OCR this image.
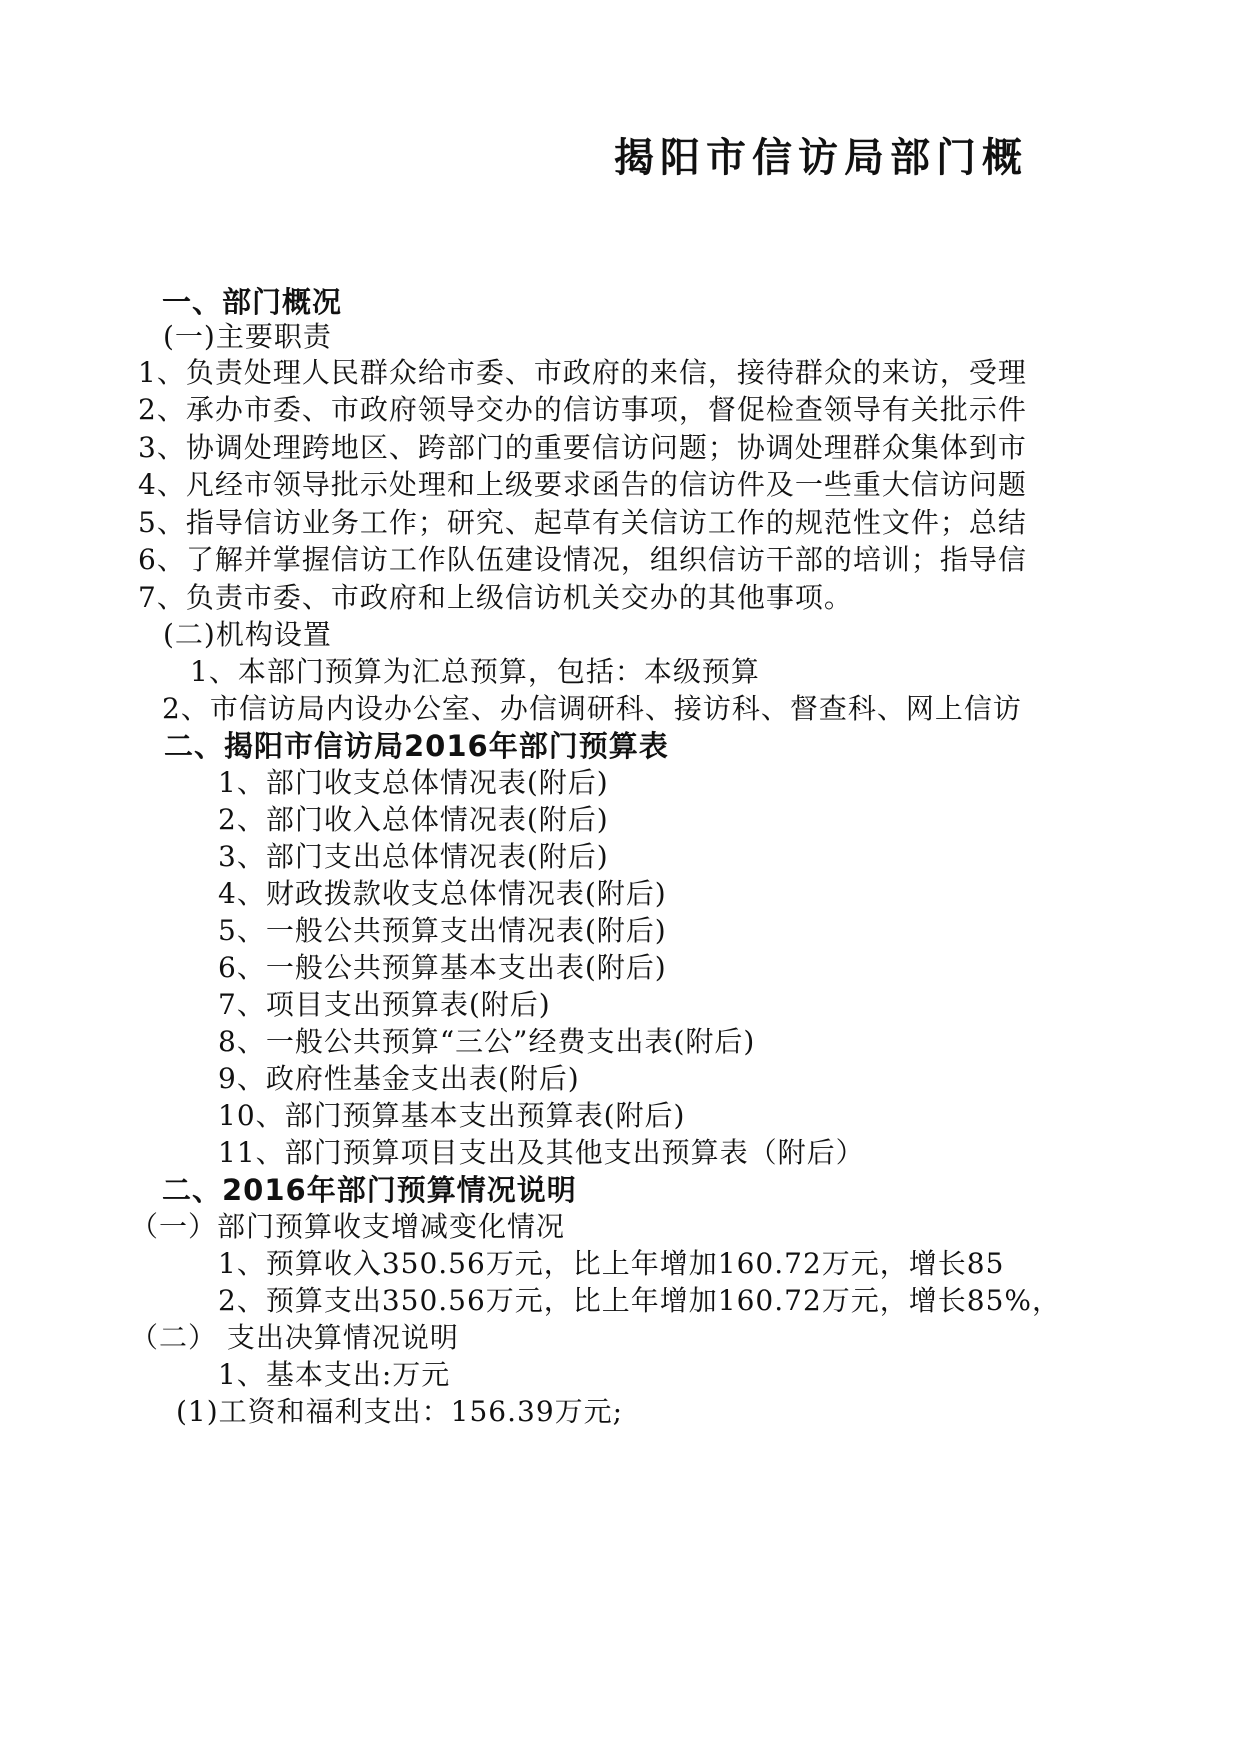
揭阳市信访局部门概
一、部门概况
(一)主要职责
1、负责处理人民群众给市委、市政府的来信，接待群众的来访，受理
2、承办市委、市政府领导交办的信访事项，督促检查领导有关批示件
3、协调处理跨地区、跨部门的重要信访问题；协调处理群众集体到市
4、凡经市领导批示处理和上级要求函告的信访件及一些重大信访问题
5、指导信访业务工作；研究、起草有关信访工作的规范性文件；总结
6、了解并掌握信访工作队伍建设情况，组织信访干部的培训；指导信
7、负责市委、市政府和上级信访机关交办的其他事项。
(二)机构设置
1、本部门预算为汇总预算，包括：本级预算
2、市信访局内设办公室、办信调研科、接访科、督查科、网上信访
二、揭阳市信访局2016年部门预算表
1、部门收支总体情况表(附后)
2、部门收入总体情况表(附后)
3、部门支出总体情况表(附后)
4、财政拨款收支总体情况表(附后)
5、一般公共预算支出情况表(附后)
6、一般公共预算基本支出表(附后)
7、项目支出预算表(附后)
8、一般公共预算“三公”经费支出表(附后)
9、政府性基金支出表(附后)
10、部门预算基本支出预算表(附后)
11、部门预算项目支出及其他支出预算表（附后）
二、2016年部门预算情况说明
（一）部门预算收支增减变化情况
1、预算收入350.56万元，比上年增加160.72万元，增长85
2、预算支出350.56万元，比上年增加160.72万元，增长85%，
（二） 支出决算情况说明
1、基本支出:万元
(1)工资和福利支出：156.39万元;
